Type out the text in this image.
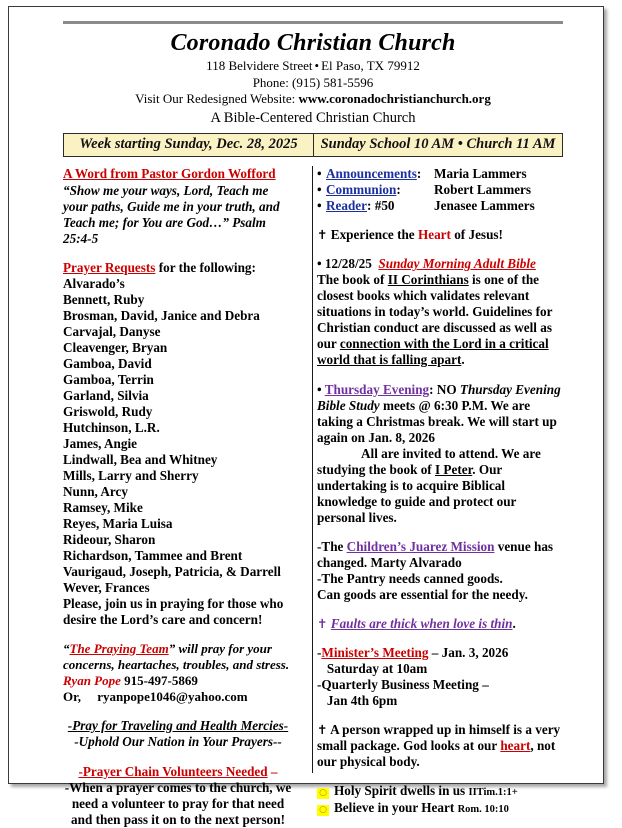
Coronado Christian Church
118 Belvidere Street • El Paso, TX 79912
Phone: (915) 581-5596
Visit Our Redesigned Website: www.coronadochristianchurch.org
A Bible-Centered Christian Church
Week starting Sunday, Dec. 28, 2025	Sunday School 10 AM • Church 11 AM
A Word from Pastor Gordon Wofford
“Show me your ways, Lord, Teach me your paths, Guide me in your truth, and Teach me; for You are God…” Psalm 25:4-5
Prayer Requests for the following:
Alvarado’s
Bennett, Ruby
Brosman, David, Janice and Debra
Carvajal, Danyse
Cleavenger, Bryan
Gamboa, David
Gamboa, Terrin
Garland, Silvia
Griswold, Rudy
Hutchinson, L.R.
James, Angie
Lindwall, Bea and Whitney
Mills, Larry and Sherry
Nunn, Arcy
Ramsey, Mike
Reyes, Maria Luisa
Rideour, Sharon
Richardson, Tammee and Brent
Vaurigaud, Joseph, Patricia, & Darrell
Wever, Frances
Please, join us in praying for those who desire the Lord’s care and concern!
“The Praying Team” will pray for your concerns, heartaches, troubles, and stress. Ryan Pope 915-497-5869
Or, ryanpope1046@yahoo.com
-Pray for Traveling and Health Mercies-
-Uphold Our Nation in Your Prayers--
-Prayer Chain Volunteers Needed –
-When a prayer comes to the church, we need a volunteer to pray for that need and then pass it on to the next person!
• Announcements: Maria Lammers
• Communion:	Robert Lammers
• Reader: #50	Jenasee Lammers
✝ Experience the Heart of Jesus!
• 12/28/25 Sunday Morning Adult Bible
The book of II Corinthians is one of the closest books which validates relevant situations in today’s world. Guidelines for Christian conduct are discussed as well as our connection with the Lord in a critical world that is falling apart.
• Thursday Evening: NO Thursday Evening Bible Study meets @ 6:30 P.M. We are taking a Christmas break. We will start up again on Jan. 8, 2026
All are invited to attend. We are studying the book of I Peter. Our undertaking is to acquire Biblical knowledge to guide and protect our personal lives.
-The Children’s Juarez Mission venue has changed. Marty Alvarado
-The Pantry needs canned goods.
Can goods are essential for the needy.
✝ Faults are thick when love is thin.
-Minister’s Meeting – Jan. 3, 2026
Saturday at 10am
-Quarterly Business Meeting –
Jan 4th 6pm
✝ A person wrapped up in himself is a very small package. God looks at our heart, not our physical body.
○ Holy Spirit dwells in us
IITim.1:1+
○ Believe in your Heart
Rom. 10:10
